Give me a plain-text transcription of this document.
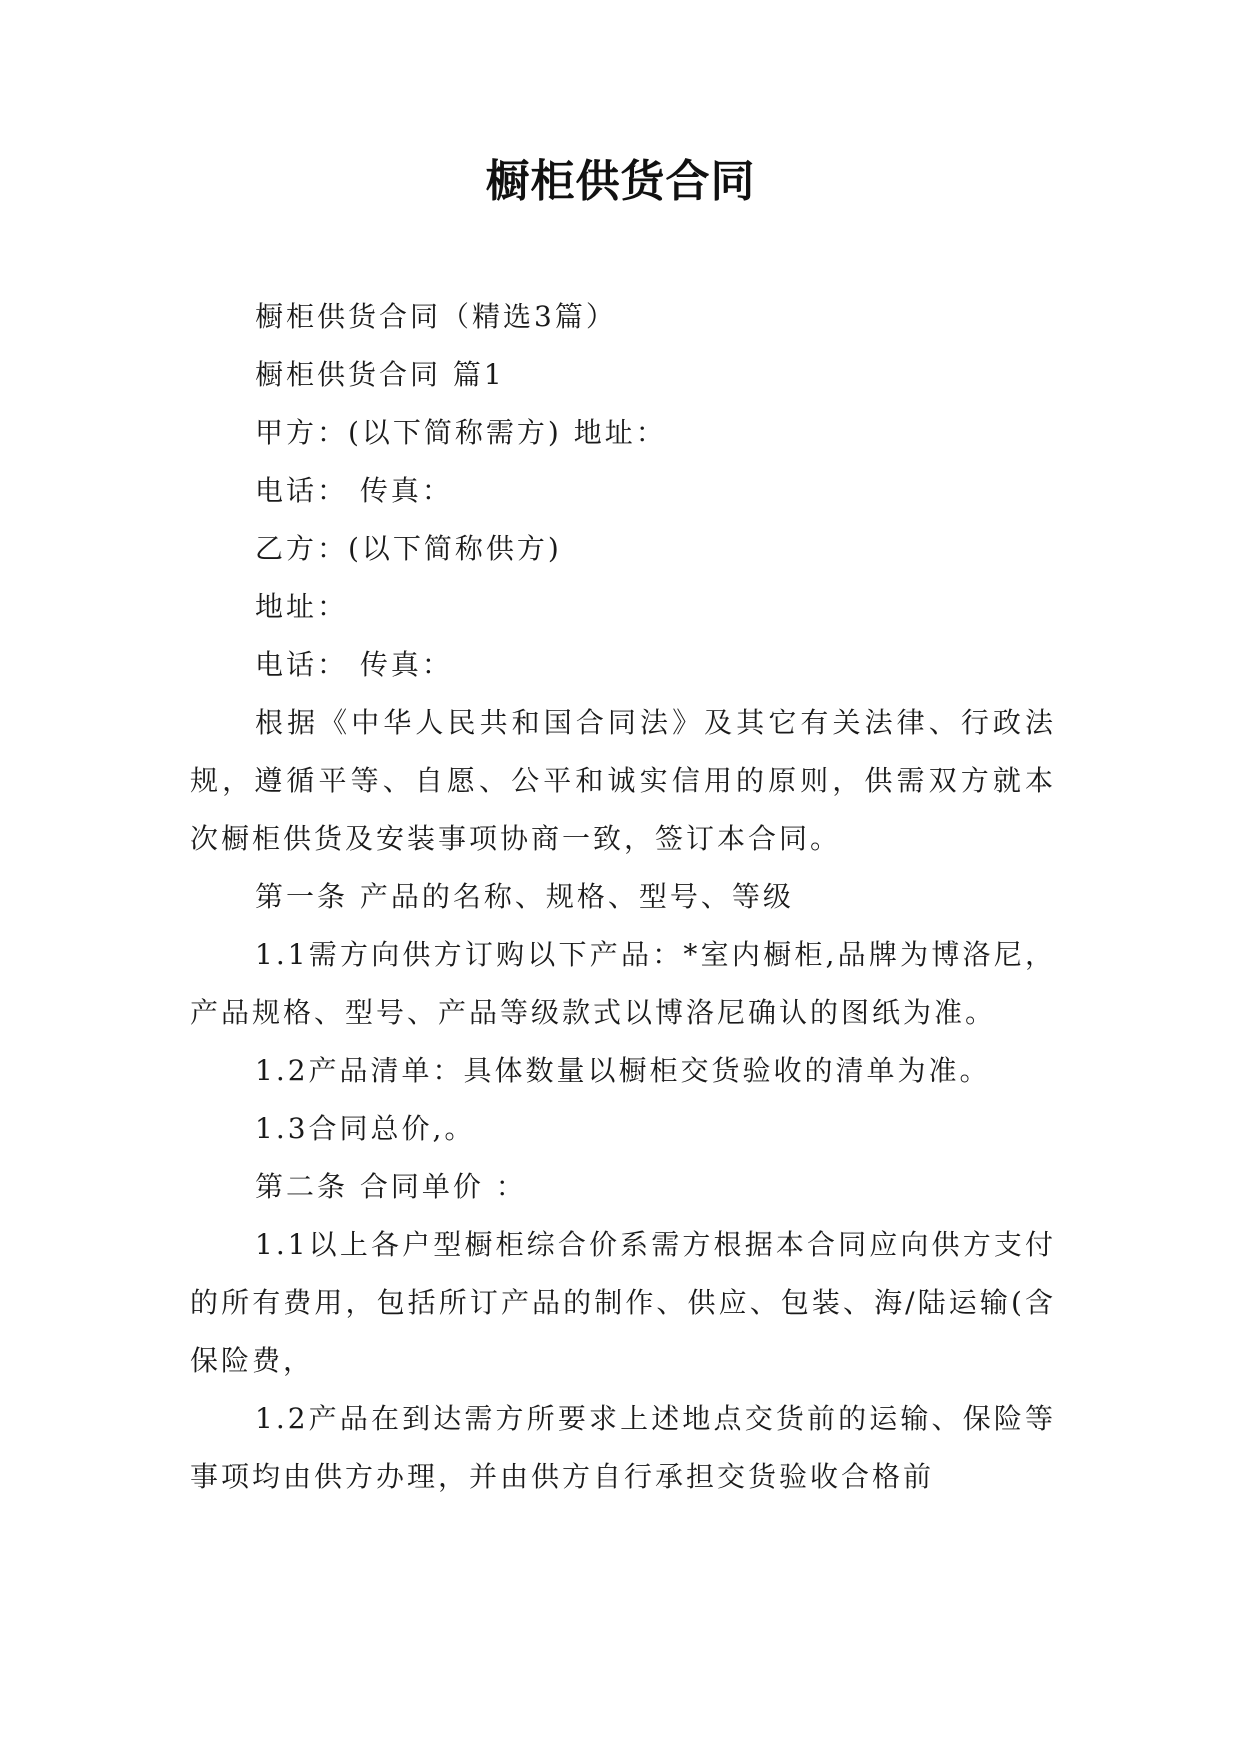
橱柜供货合同

橱柜供货合同（精选3篇）

橱柜供货合同 篇1

甲方：(以下简称需方) 地址：

电话： 传真：

乙方：(以下简称供方)

地址：

电话： 传真：

根据《中华人民共和国合同法》及其它有关法律、行政法规，遵循平等、自愿、公平和诚实信用的原则，供需双方就本次橱柜供货及安装事项协商一致，签订本合同。

第一条 产品的名称、规格、型号、等级

1.1需方向供方订购以下产品：*室内橱柜,品牌为博洛尼，产品规格、型号、产品等级款式以博洛尼确认的图纸为准。

1.2产品清单：具体数量以橱柜交货验收的清单为准。

1.3合同总价,。

第二条 合同单价 ：

1.1以上各户型橱柜综合价系需方根据本合同应向供方支付的所有费用，包括所订产品的制作、供应、包装、海/陆运输(含保险费，

1.2产品在到达需方所要求上述地点交货前的运输、保险等事项均由供方办理，并由供方自行承担交货验收合格前
